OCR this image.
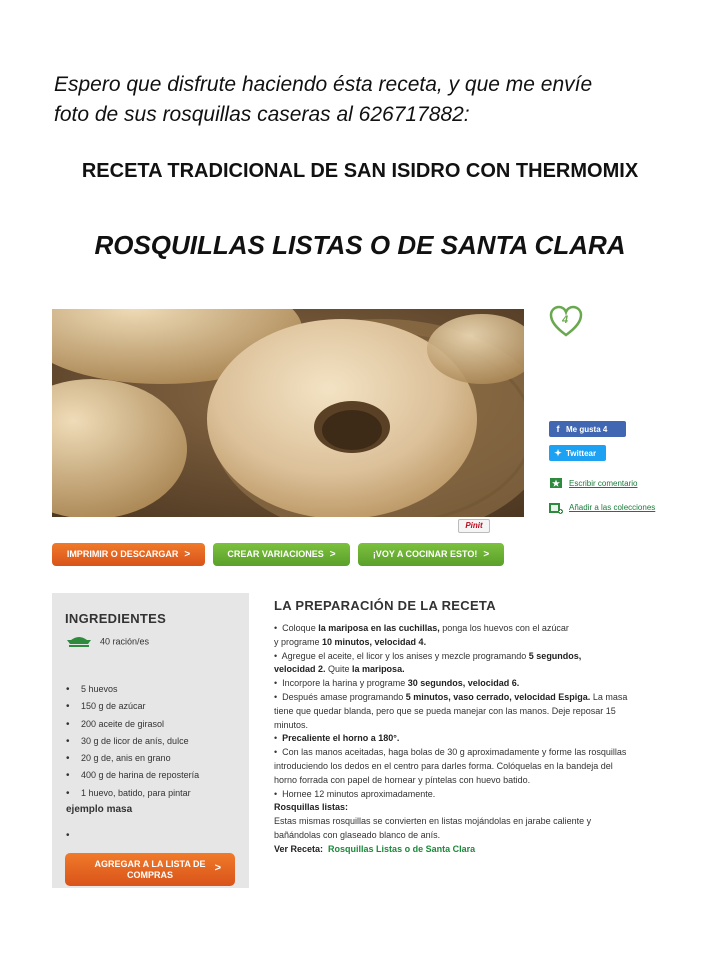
Espero que disfrute haciendo ésta receta, y que me envíe

foto de sus rosquillas caseras al 626717882:

RECETA TRADICIONAL DE SAN ISIDRO CON THERMOMIX
ROSQUILLAS LISTAS O DE SANTA CLARA
4
f Me gusta 4
✦ Twittear
Escribir comentario
Añadir a las colecciones
Pinit
IMPRIMIR O DESCARGAR >	CREAR VARIACIONES >	¡VOY A COCINAR ESTO! >
INGREDIENTES
40 ración/es
• 5 huevos
• 150 g de azúcar
• 200 aceite de girasol
• 30 g de licor de anís, dulce
• 20 g de, anis en grano
• 400 g de harina de repostería
• 1 huevo, batido, para pintar
ejemplo masa
•
AGREGAR A LA LISTA DE
COMPRAS
>
LA PREPARACIÓN DE LA RECETA
• Coloque la mariposa en las cuchillas, ponga los huevos con el azúcar
y programe 10 minutos, velocidad 4.
• Agregue el aceite, el licor y los anises y mezcle programando 5 segundos,
velocidad 2. Quite la mariposa.
• Incorpore la harina y programe 30 segundos, velocidad 6.
• Después amase programando 5 minutos, vaso cerrado, velocidad Espiga. La masa
tiene que quedar blanda, pero que se pueda manejar con las manos. Deje reposar 15
minutos.
• Precaliente el horno a 180°.
• Con las manos aceitadas, haga bolas de 30 g aproximadamente y forme las rosquillas
introduciendo los dedos en el centro para darles forma. Colóquelas en la bandeja del
horno forrada con papel de hornear y píntelas con huevo batido.
• Hornee 12 minutos aproximadamente.
Rosquillas listas:
Estas mismas rosquillas se convierten en listas mojándolas en jarabe caliente y
bañándolas con glaseado blanco de anís.
Ver Receta: Rosquillas Listas o de Santa Clara
